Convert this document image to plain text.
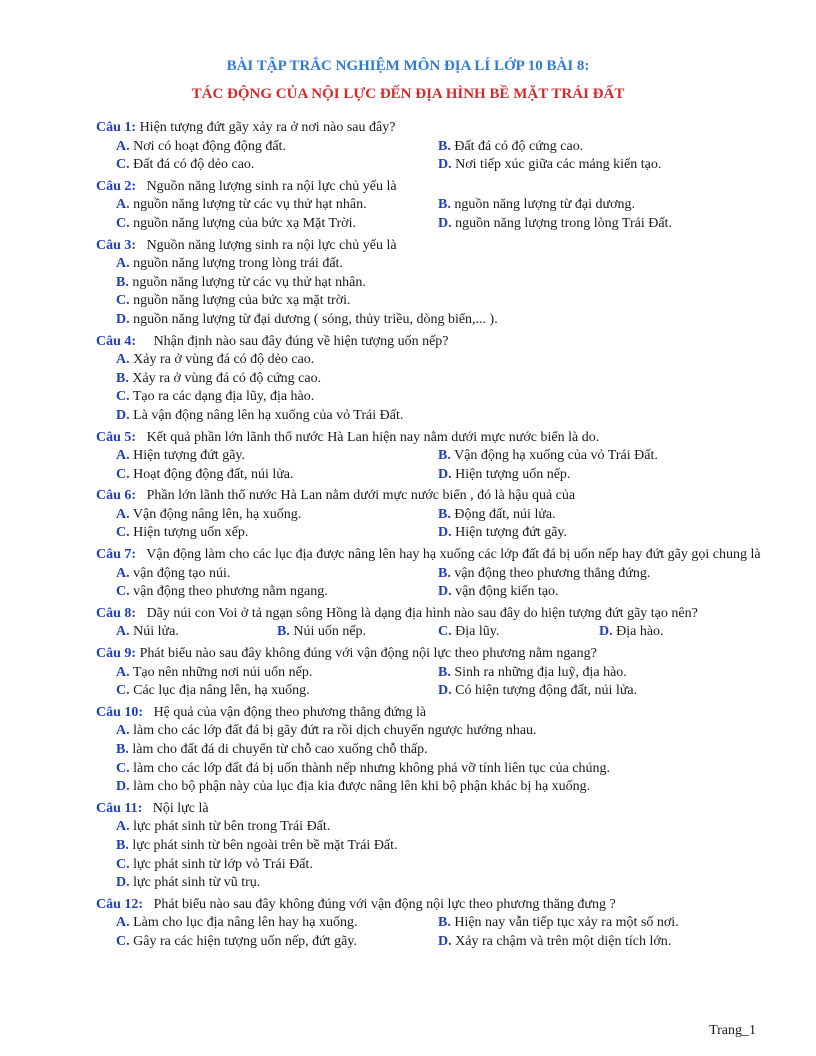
BÀI TẬP TRẮC NGHIỆM MÔN ĐỊA LÍ LỚP 10 BÀI 8:
TÁC ĐỘNG CỦA NỘI LỰC ĐẾN ĐỊA HÌNH BỀ MẶT TRÁI ĐẤT
Câu 1: Hiện tượng đứt gãy xảy ra ở nơi nào sau đây?
A. Nơi có hoạt động động đất.	B. Đất đá có độ cứng cao.
C. Đất đá có độ dẻo cao.	D. Nơi tiếp xúc giữa các mảng kiến tạo.
Câu 2:   Nguồn năng lượng sinh ra nội lực chủ yếu là
A. nguồn năng lượng từ các vụ thử hạt nhân.	B. nguồn năng lượng từ đại dương.
C. nguồn năng lượng của bức xạ Mặt Trời.	D. nguồn năng lượng trong lòng Trái Đất.
Câu 3:   Nguồn năng lượng sinh ra nội lực chủ yếu là
A. nguồn năng lượng trong lòng trái đất.
B. nguồn năng lượng từ các vụ thử hạt nhân.
C. nguồn năng lượng của bức xạ mặt trời.
D. nguồn năng lượng từ đại dương ( sóng, thủy triều, dòng biển,... ).
Câu 4:     Nhận định nào sau đây đúng về hiện tượng uốn nếp?
A. Xảy ra ở vùng đá có độ dẻo cao.
B. Xảy ra ở vùng đá có độ cứng cao.
C. Tạo ra các dạng địa lũy, địa hào.
D. Là vận động nâng lên hạ xuống của vỏ Trái Đất.
Câu 5:   Kết quả phần lớn lãnh thổ nước Hà Lan hiện nay nằm dưới mực nước biển là do.
A. Hiện tượng đứt gãy.	B. Vận động hạ xuống của vỏ Trái Đất.
C. Hoạt động động đất, núi lửa.	D. Hiện tượng uốn nếp.
Câu 6:   Phần lớn lãnh thổ nước Hà Lan nằm dưới mực nước biển , đó là hậu quả của
A. Vận động nâng lên, hạ xuống.	B. Động đất, núi lửa.
C. Hiện tượng uốn xếp.	D. Hiện tượng đứt gãy.
Câu 7:   Vận động làm cho các lục địa được nâng lên hay hạ xuống các lớp đất đá bị uốn nếp hay đứt gãy gọi chung là
A. vận động tạo núi.	B. vận động theo phương thẳng đứng.
C. vận động theo phương nằm ngang.	D. vận động kiến tạo.
Câu 8:   Dãy núi con Voi ở tả ngạn sông Hồng là dạng địa hình nào sau đây do hiện tượng đứt gãy tạo nên?
A. Núi lửa.	B. Núi uốn nếp.	C. Địa lũy.	D. Địa hào.
Câu 9: Phát biểu nào sau đây không đúng với vận động nội lực theo phương nằm ngang?
A. Tạo nên những nơi núi uốn nếp.	B. Sinh ra những địa luỹ, địa hào.
C. Các lục địa nâng lên, hạ xuống.	D. Có hiện tượng động đất, núi lửa.
Câu 10:   Hệ quả của vận động theo phương thẳng đứng là
A. làm cho các lớp đất đá bị gãy đứt ra rồi dịch chuyển ngược hướng nhau.
B. làm cho đất đá di chuyển từ chỗ cao xuống chỗ thấp.
C. làm cho các lớp đất đá bị uốn thành nếp nhưng không phá vỡ tính liên tục của chúng.
D. làm cho bộ phận này của lục địa kia được nâng lên khi bộ phận khác bị hạ xuống.
Câu 11:   Nội lực là
A. lực phát sinh từ bên trong Trái Đất.
B. lực phát sinh từ bên ngoài trên bề mặt Trái Đất.
C. lực phát sinh từ lớp vỏ Trái Đất.
D. lực phát sinh từ vũ trụ.
Câu 12:   Phát biểu nào sau đây không đúng với vận động nội lực theo phương thăng đưng ?
A. Làm cho lục địa nâng lên hay hạ xuống.	B. Hiện nay vẫn tiếp tục xảy ra một số nơi.
C. Gây ra các hiện tượng uốn nếp, đứt gãy.	D. Xảy ra chậm và trên một diện tích lớn.
Trang_1
